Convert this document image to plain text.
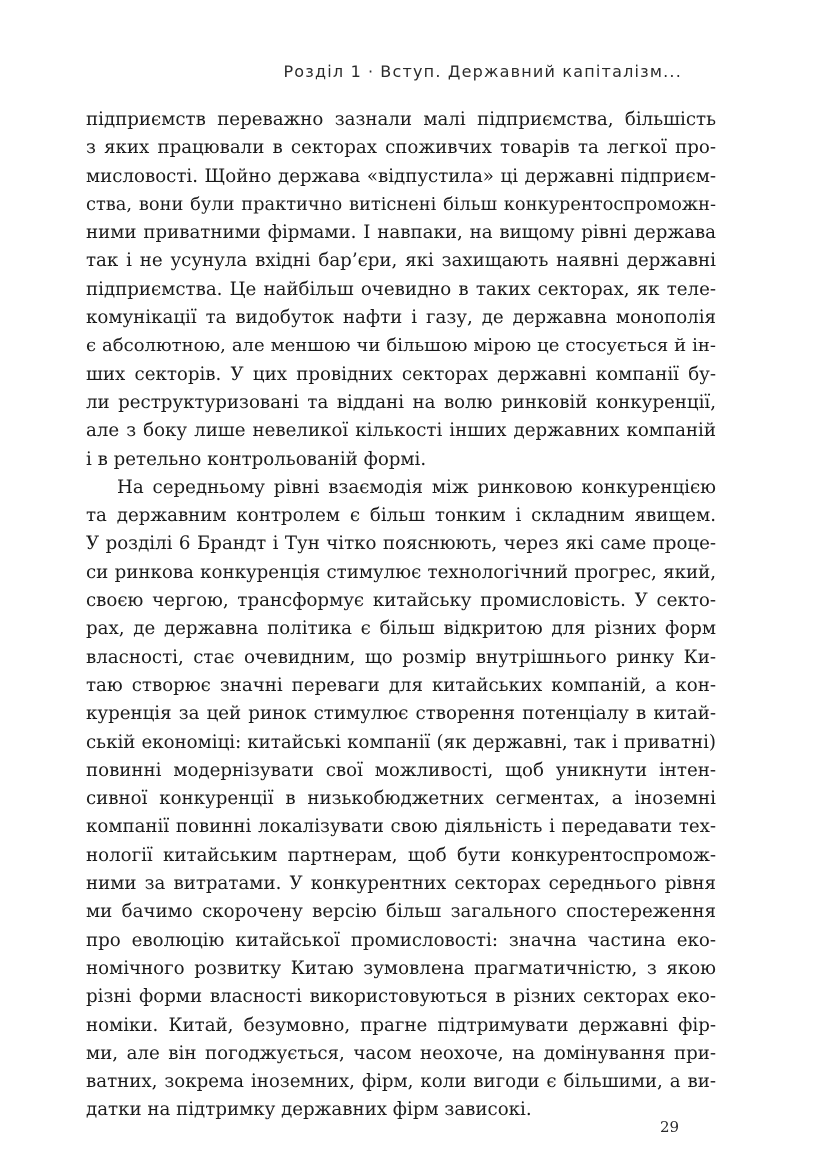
Розділ 1 · Вступ. Державний капіталізм...
підприємств переважно зазнали малі підприємства, більшість
з яких працювали в секторах споживчих товарів та легкої про-
мисловості. Щойно держава «відпустила» ці державні підприєм-
ства, вони були практично витіснені більш конкурентоспроможн-
ними приватними фірмами. І навпаки, на вищому рівні держава
так і не усунула вхідні бар’єри, які захищають наявні державні
підприємства. Це найбільш очевидно в таких секторах, як теле-
комунікації та видобуток нафти і газу, де державна монополія
є абсолютною, але меншою чи більшою мірою це стосується й ін-
ших секторів. У цих провідних секторах державні компанії бу-
ли реструктуризовані та віддані на волю ринковій конкуренції,
але з боку лише невеликої кількості інших державних компаній
і в ретельно контрольованій формі.
На середньому рівні взаємодія між ринковою конкуренцією
та державним контролем є більш тонким і складним явищем.
У розділі 6 Брандт і Тун чітко пояснюють, через які саме проце-
си ринкова конкуренція стимулює технологічний прогрес, який,
своєю чергою, трансформує китайську промисловість. У секто-
рах, де державна політика є більш відкритою для різних форм
власності, стає очевидним, що розмір внутрішнього ринку Ки-
таю створює значні переваги для китайських компаній, а кон-
куренція за цей ринок стимулює створення потенціалу в китай-
ській економіці: китайські компанії (як державні, так і приватні)
повинні модернізувати свої можливості, щоб уникнути інтен-
сивної конкуренції в низькобюджетних сегментах, а іноземні
компанії повинні локалізувати свою діяльність і передавати тех-
нології китайським партнерам, щоб бути конкурентоспромож-
ними за витратами. У конкурентних секторах середнього рівня
ми бачимо скорочену версію більш загального спостереження
про еволюцію китайської промисловості: значна частина еко-
номічного розвитку Китаю зумовлена прагматичністю, з якою
різні форми власності використовуються в різних секторах еко-
номіки. Китай, безумовно, прагне підтримувати державні фір-
ми, але він погоджується, часом неохоче, на домінування при-
ватних, зокрема іноземних, фірм, коли вигоди є більшими, а ви-
датки на підтримку державних фірм зависокі.
29
